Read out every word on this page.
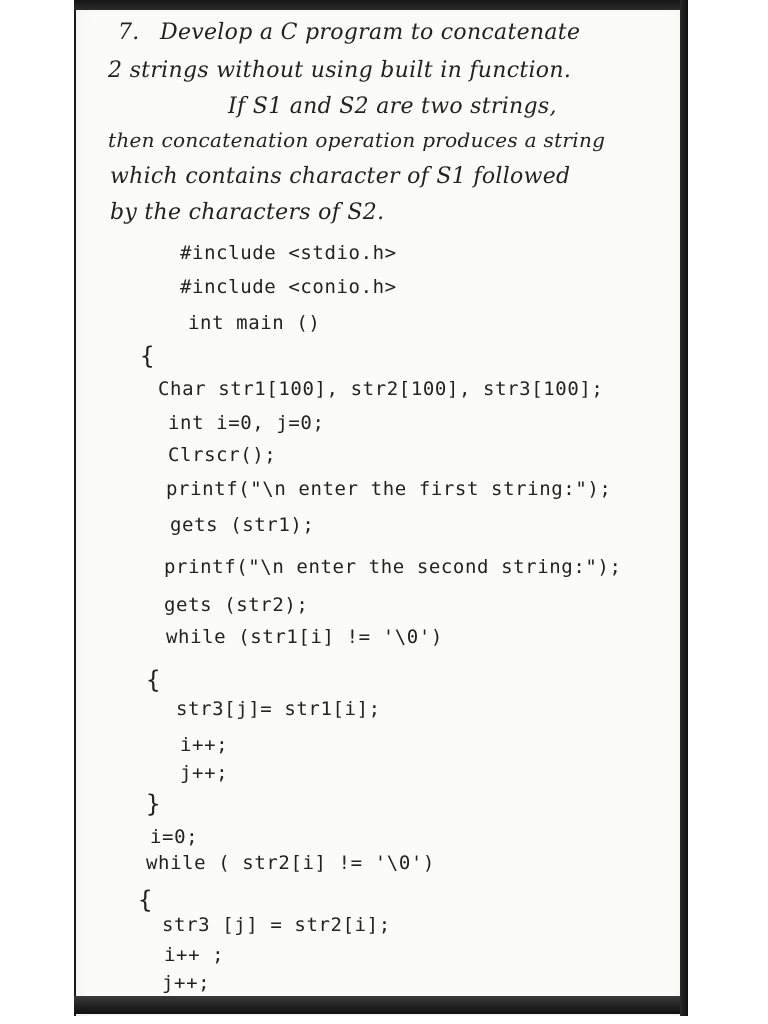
7. Develop a C program to concatenate
2 strings without using built in function.
If S1 and S2 are two strings,
then concatenation operation produces a string
which contains character of S1 followed
by the characters of S2.
#include <stdio.h>
#include <conio.h>
int main ()
{
Char str1[100], str2[100], str3[100];
int i=0, j=0;
Clrscr();
printf("\n enter the first string:");
gets (str1);
printf("\n enter the second string:");
gets (str2);
while (str1[i] != '\0')
{
str3[j]= str1[i];
i++;
j++;
}
i=0;
while ( str2[i] != '\0')
{
str3 [j] = str2[i];
i++ ;
j++;
